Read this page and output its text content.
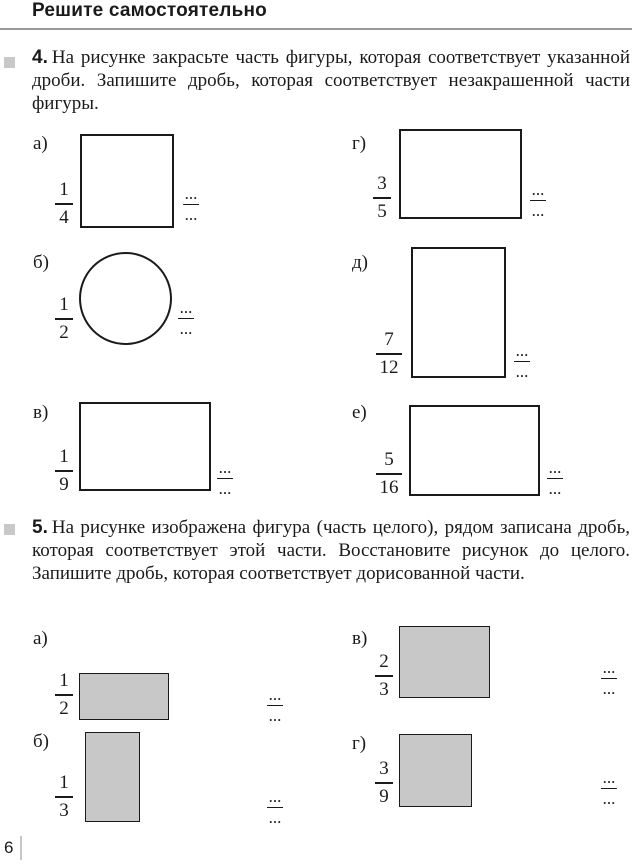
Решите самостоятельно
4. На рисунке закрасьте часть фигуры, которая соответствует указанной дроби. Запишите дробь, которая соответствует незакрашенной части фигуры.
а)
1
4
...
...
б)
1
2
...
...
в)
1
9
...
...
г)
3
5
...
...
д)
7
12
...
...
е)
5
16
...
...
5. На рисунке изображена фигура (часть целого), рядом записана дробь, которая соответствует этой части. Восстановите рисунок до целого. Запишите дробь, которая соответствует дорисованной части.
а)
1
2
...
...
б)
1
3
...
...
в)
2
3
...
...
г)
3
9
...
...
6
